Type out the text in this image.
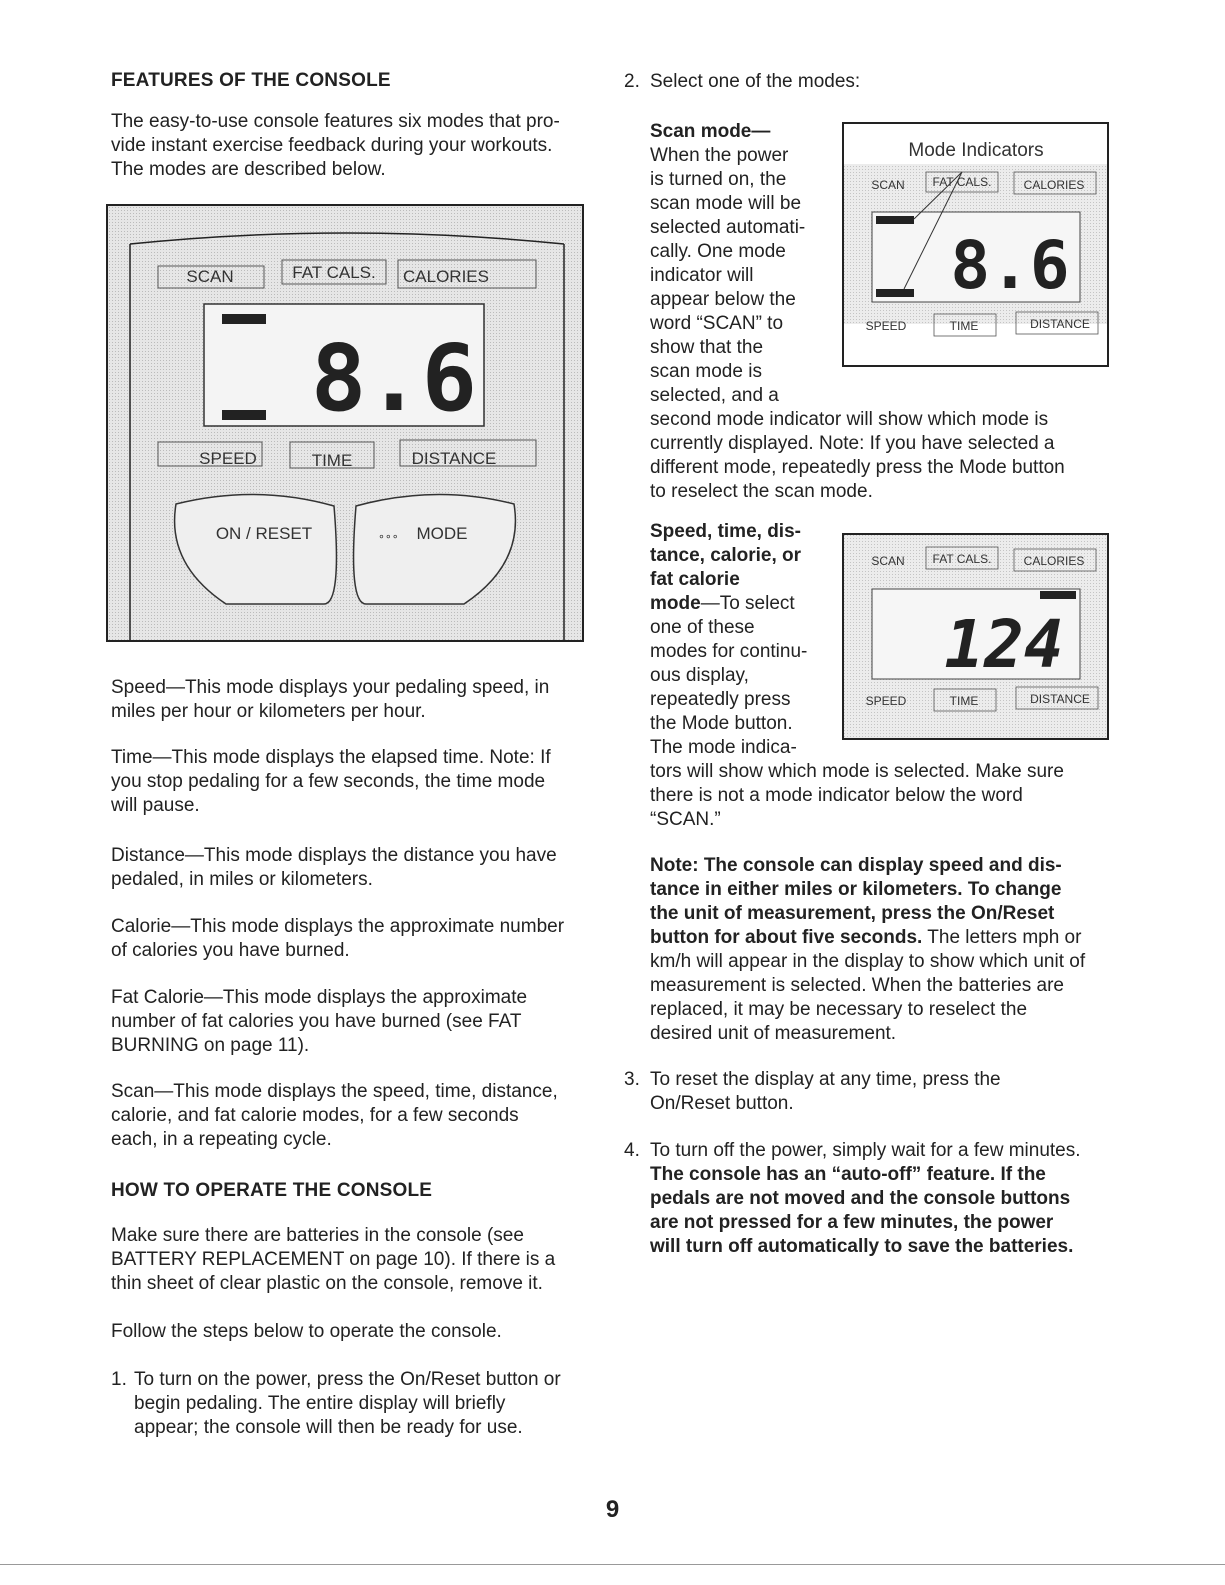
FEATURES OF THE CONSOLE

The easy-to-use console features six modes that pro-

vide instant exercise feedback during your workouts.

The modes are described below.

SCAN	FAT CALS. CALORIES
8.6
SPEED	TIME	DISTANCE
ON / RESET	MODE
∘∘∘

Speed—This mode displays your pedaling speed, in

miles per hour or kilometers per hour.

Time—This mode displays the elapsed time. Note: If

you stop pedaling for a few seconds, the time mode

will pause.

Distance—This mode displays the distance you have

pedaled, in miles or kilometers.

Calorie—This mode displays the approximate number

of calories you have burned.

Fat Calorie—This mode displays the approximate

number of fat calories you have burned (see FAT

BURNING on page 11).

Scan—This mode displays the speed, time, distance,

calorie, and fat calorie modes, for a few seconds

each, in a repeating cycle.

HOW TO OPERATE THE CONSOLE

Make sure there are batteries in the console (see

BATTERY REPLACEMENT on page 10). If there is a

thin sheet of clear plastic on the console, remove it.

Follow the steps below to operate the console.

1. To turn on the power, press the On/Reset button or

begin pedaling. The entire display will briefly

appear; the console will then be ready for use.

2. Select one of the modes:

Scan mode—

When the power

is turned on, the

scan mode will be

selected automati-

cally. One mode

indicator will

appear below the

word “SCAN” to

show that the

scan mode is

selected, and a

second mode indicator will show which mode is

currently displayed. Note: If you have selected a

different mode, repeatedly press the Mode button

to reselect the scan mode.

Mode Indicators
SCAN FAT CALS.	CALORIES
8.6
SPEED	TIME	DISTANCE

Speed, time, dis-

tance, calorie, or

fat calorie

mode—To select

one of these

modes for continu-

ous display,

repeatedly press

the Mode button.

The mode indica-

tors will show which mode is selected. Make sure

there is not a mode indicator below the word

“SCAN.”

SCAN FAT CALS.	CALORIES
124
SPEED	TIME	DISTANCE

Note: The console can display speed and dis-

tance in either miles or kilometers. To change

the unit of measurement, press the On/Reset

button for about five seconds. The letters mph or

km/h will appear in the display to show which unit of

measurement is selected. When the batteries are

replaced, it may be necessary to reselect the

desired unit of measurement.

3. To reset the display at any time, press the

On/Reset button.

4. To turn off the power, simply wait for a few minutes.

The console has an “auto-off” feature. If the

pedals are not moved and the console buttons

are not pressed for a few minutes, the power

will turn off automatically to save the batteries.

9
